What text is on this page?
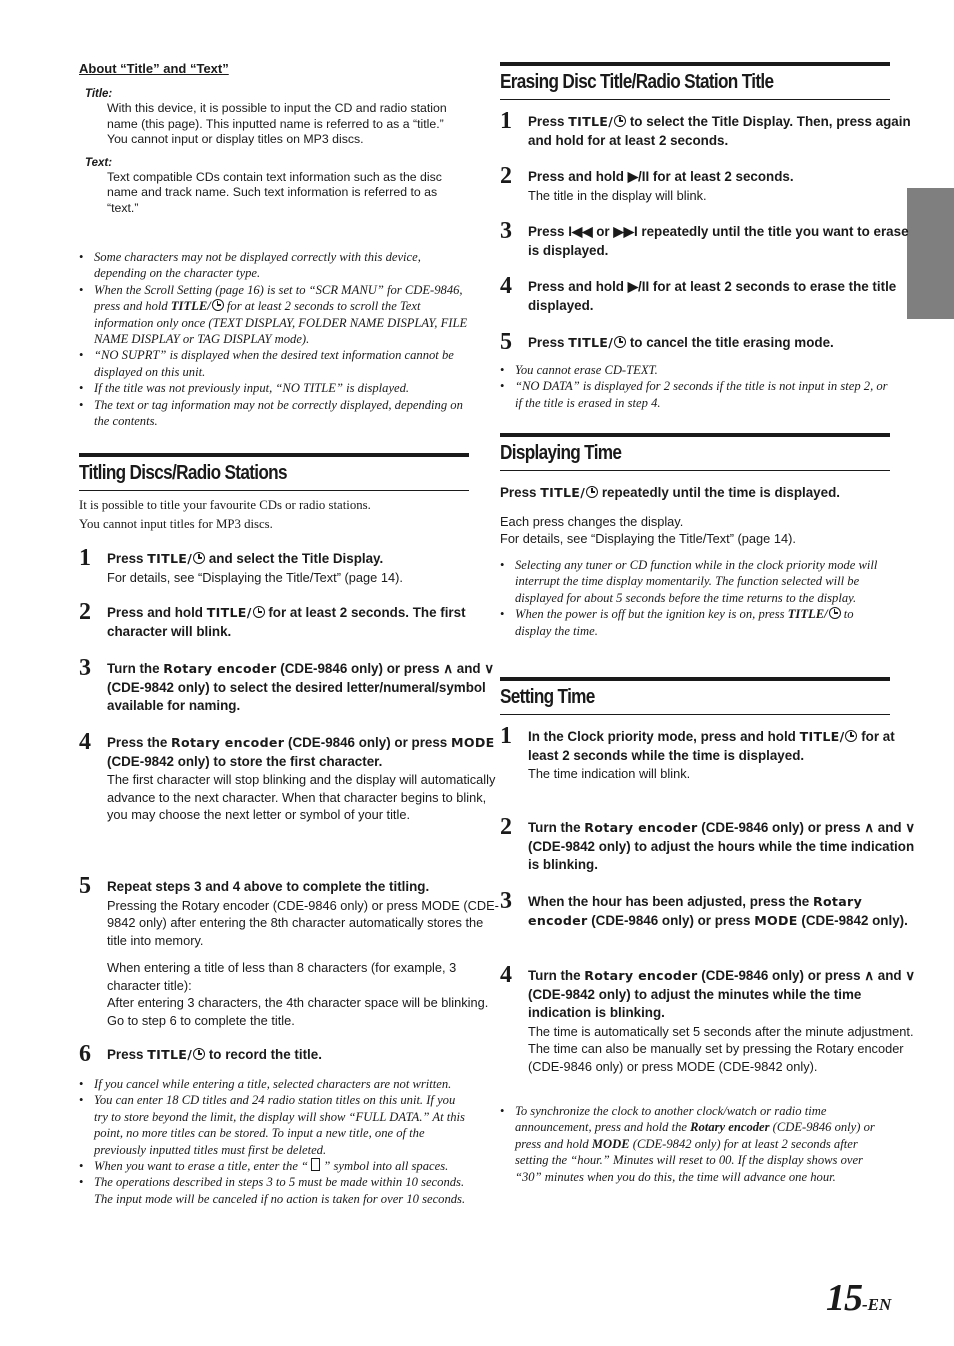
About “Title” and “Text”
Title:
With this device, it is possible to input the CD and radio station name (this page). This inputted name is referred to as a “title.”
You cannot input or display titles on MP3 discs.
Text:
Text compatible CDs contain text information such as the disc name and track name. Such text information is referred to as “text.”
• Some characters may not be displayed correctly with this device, depending on the character type.
• When the Scroll Setting (page 16) is set to “SCR MANU” for CDE-9846, press and hold TITLE/ for at least 2 seconds to scroll the Text information only once (TEXT DISPLAY, FOLDER NAME DISPLAY, FILE NAME DISPLAY or TAG DISPLAY mode).
• “NO SUPRT” is displayed when the desired text information cannot be displayed on this unit.
• If the title was not previously input, “NO TITLE” is displayed.
• The text or tag information may not be correctly displayed, depending on the contents.
Titling Discs/Radio Stations
It is possible to title your favourite CDs or radio stations.
You cannot input titles for MP3 discs.
1 Press TITLE/ and select the Title Display.
For details, see “Displaying the Title/Text” (page 14).
2 Press and hold TITLE/ for at least 2 seconds. The first character will blink.
3 Turn the Rotary encoder (CDE-9846 only) or press ∧ and ∨ (CDE-9842 only) to select the desired letter/numeral/symbol available for naming.
4 Press the Rotary encoder (CDE-9846 only) or press MODE (CDE-9842 only) to store the first character.
The first character will stop blinking and the display will automatically advance to the next character. When that character begins to blink, you may choose the next letter or symbol of your title.
5 Repeat steps 3 and 4 above to complete the titling.
Pressing the Rotary encoder (CDE-9846 only) or press MODE (CDE-9842 only) after entering the 8th character automatically stores the title into memory.
When entering a title of less than 8 characters (for example, 3 character title):
After entering 3 characters, the 4th character space will be blinking. Go to step 6 to complete the title.
6 Press TITLE/ to record the title.
• If you cancel while entering a title, selected characters are not written.
• You can enter 18 CD titles and 24 radio station titles on this unit. If you try to store beyond the limit, the display will show “FULL DATA.” At this point, no more titles can be stored. To input a new title, one of the previously inputted titles must first be deleted.
• When you want to erase a title, enter the “  ” symbol into all spaces.
• The operations described in steps 3 to 5 must be made within 10 seconds. The input mode will be canceled if no action is taken for over 10 seconds.
Erasing Disc Title/Radio Station Title
1 Press TITLE/ to select the Title Display. Then, press again and hold for at least 2 seconds.
2 Press and hold ▶/II for at least 2 seconds.
The title in the display will blink.
3 Press I◀◀ or ▶▶I repeatedly until the title you want to erase is displayed.
4 Press and hold ▶/II for at least 2 seconds to erase the title displayed.
5 Press TITLE/ to cancel the title erasing mode.
• You cannot erase CD-TEXT.
• “NO DATA” is displayed for 2 seconds if the title is not input in step 2, or if the title is erased in step 4.
Displaying Time
Press TITLE/ repeatedly until the time is displayed.
Each press changes the display.
For details, see “Displaying the Title/Text” (page 14).
• Selecting any tuner or CD function while in the clock priority mode will interrupt the time display momentarily. The function selected will be displayed for about 5 seconds before the time returns to the display.
• When the power is off but the ignition key is on, press TITLE/ to display the time.
Setting Time
1 In the Clock priority mode, press and hold TITLE/ for at least 2 seconds while the time is displayed.
The time indication will blink.
2 Turn the Rotary encoder (CDE-9846 only) or press ∧ and ∨ (CDE-9842 only) to adjust the hours while the time indication is blinking.
3 When the hour has been adjusted, press the Rotary encoder (CDE-9846 only) or press MODE (CDE-9842 only).
4 Turn the Rotary encoder (CDE-9846 only) or press ∧ and ∨ (CDE-9842 only) to adjust the minutes while the time indication is blinking.
The time is automatically set 5 seconds after the minute adjustment. The time can also be manually set by pressing the Rotary encoder (CDE-9846 only) or press MODE (CDE-9842 only).
• To synchronize the clock to another clock/watch or radio time announcement, press and hold the Rotary encoder (CDE-9846 only) or press and hold MODE (CDE-9842 only) for at least 2 seconds after setting the “hour.” Minutes will reset to 00. If the display shows over “30” minutes when you do this, the time will advance one hour.
15-EN
